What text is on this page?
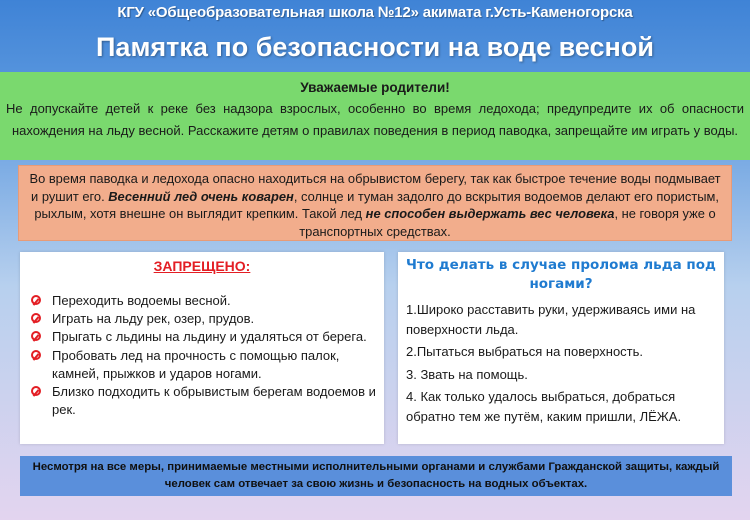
КГУ «Общеобразовательная школа №12» акимата г.Усть-Каменогорска
Памятка по безопасности на воде весной
Уважаемые родители!
Не допускайте детей к реке без надзора взрослых, особенно во время ледохода; предупредите их об опасности нахождения на льду весной. Расскажите детям о правилах поведения в период паводка, запрещайте им играть у воды.
Во время паводка и ледохода опасно находиться на обрывистом берегу, так как быстрое течение воды подмывает и рушит его. Весенний лед очень коварен, солнце и туман задолго до вскрытия водоемов делают его пористым, рыхлым, хотя внешне он выглядит крепким. Такой лед не способен выдержать вес человека, не говоря уже о транспортных средствах.
ЗАПРЕЩЕНО:
Переходить водоемы весной.
Играть на льду рек, озер, прудов.
Прыгать с льдины на льдину и удаляться от берега.
Пробовать лед на прочность с помощью палок, камней, прыжков и ударов ногами.
Близко подходить к обрывистым берегам водоемов и рек.
Что делать в случае пролома льда под ногами?
1.Широко расставить руки, удерживаясь ими на поверхности льда.
2.Пытаться выбраться на поверхность.
3. Звать на помощь.
4. Как только удалось выбраться, добраться обратно тем же путём, каким пришли, ЛЁЖА.
Несмотря на все меры, принимаемые местными исполнительными органами и службами Гражданской защиты, каждый человек сам отвечает за свою жизнь и безопасность на водных объектах.
